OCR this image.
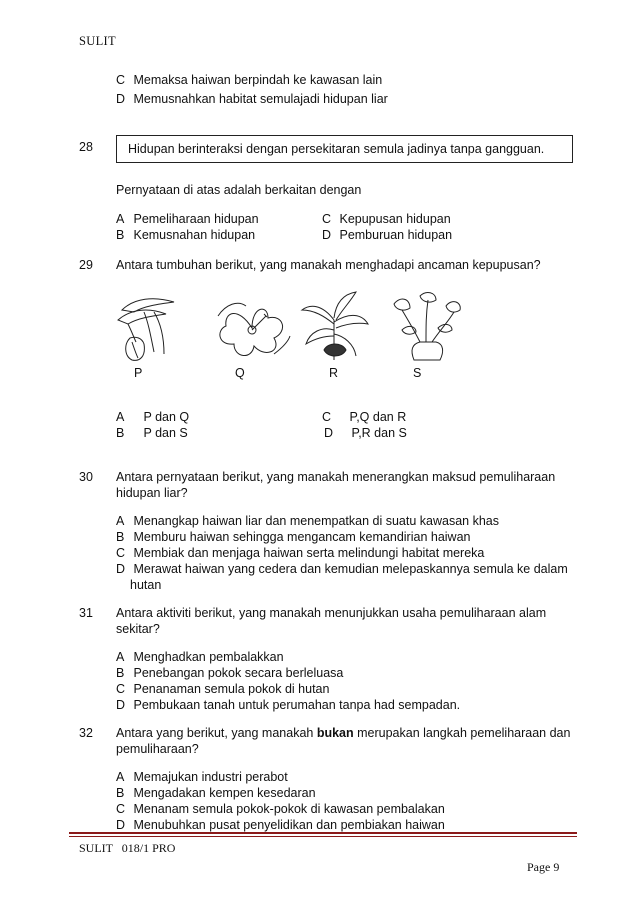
SULIT
C Memaksa haiwan berpindah ke kawasan lain
D Memusnahkan habitat semulajadi hidupan liar
28	Hidupan berinteraksi dengan persekitaran semula jadinya tanpa gangguan.
Pernyataan di atas adalah berkaitan dengan
A Pemeliharaan hidupan
B Kemusnahan hidupan
C Kepupusan hidupan
D Pemburuan hidupan
29 Antara tumbuhan berikut, yang manakah menghadapi ancaman kepupusan?
P	Q	R	S
A P dan Q
B P dan S
C P,Q dan R
D P,R dan S
30 Antara pernyataan berikut, yang manakah menerangkan maksud pemuliharaan
hidupan liar?
A Menangkap haiwan liar dan menempatkan di suatu kawasan khas
B Memburu haiwan sehingga mengancam kemandirian haiwan
C Membiak dan menjaga haiwan serta melindungi habitat mereka
D Merawat haiwan yang cedera dan kemudian melepaskannya semula ke dalam
hutan
31 Antara aktiviti berikut, yang manakah menunjukkan usaha pemuliharaan alam
sekitar?
A Menghadkan pembalakkan
B Penebangan pokok secara berleluasa
C Penanaman semula pokok di hutan
D Pembukaan tanah untuk perumahan tanpa had sempadan.
32 Antara yang berikut, yang manakah bukan merupakan langkah pemeliharaan dan
pemuliharaan?
A Memajukan industri perabot
B Mengadakan kempen kesedaran
C Menanam semula pokok-pokok di kawasan pembalakan
D Menubuhkan pusat penyelidikan dan pembiakan haiwan
SULIT   018/1 PRO
Page 9
